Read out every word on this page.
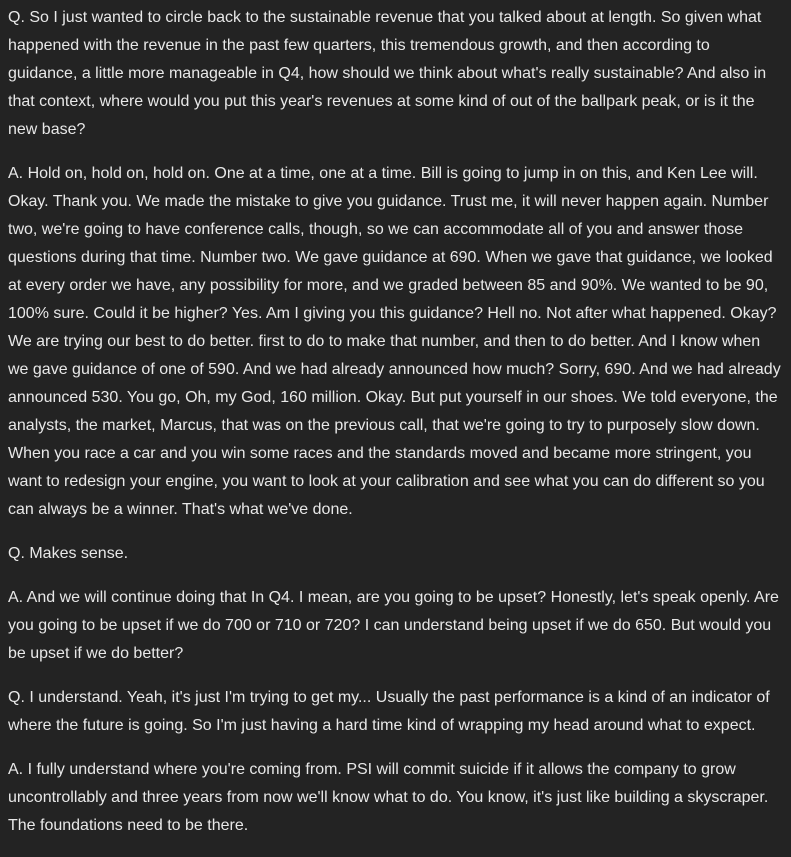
Q. So I just wanted to circle back to the sustainable revenue that you talked about at length. So given what happened with the revenue in the past few quarters, this tremendous growth, and then according to guidance, a little more manageable in Q4, how should we think about what's really sustainable? And also in that context, where would you put this year's revenues at some kind of out of the ballpark peak, or is it the new base?

A. Hold on, hold on, hold on. One at a time, one at a time. Bill is going to jump in on this, and Ken Lee will. Okay. Thank you. We made the mistake to give you guidance. Trust me, it will never happen again. Number two, we're going to have conference calls, though, so we can accommodate all of you and answer those questions during that time. Number two. We gave guidance at 690. When we gave that guidance, we looked at every order we have, any possibility for more, and we graded between 85 and 90%. We wanted to be 90, 100% sure. Could it be higher? Yes. Am I giving you this guidance? Hell no. Not after what happened. Okay? We are trying our best to do better. first to do to make that number, and then to do better. And I know when we gave guidance of one of 590. And we had already announced how much? Sorry, 690. And we had already announced 530. You go, Oh, my God, 160 million. Okay. But put yourself in our shoes. We told everyone, the analysts, the market, Marcus, that was on the previous call, that we're going to try to purposely slow down. When you race a car and you win some races and the standards moved and became more stringent, you want to redesign your engine, you want to look at your calibration and see what you can do different so you can always be a winner. That's what we've done.

Q. Makes sense.

A. And we will continue doing that In Q4. I mean, are you going to be upset? Honestly, let's speak openly. Are you going to be upset if we do 700 or 710 or 720? I can understand being upset if we do 650. But would you be upset if we do better?

Q. I understand. Yeah, it's just I'm trying to get my... Usually the past performance is a kind of an indicator of where the future is going. So I'm just having a hard time kind of wrapping my head around what to expect.

A. I fully understand where you're coming from. PSI will commit suicide if it allows the company to grow uncontrollably and three years from now we'll know what to do. You know, it's just like building a skyscraper. The foundations need to be there.
